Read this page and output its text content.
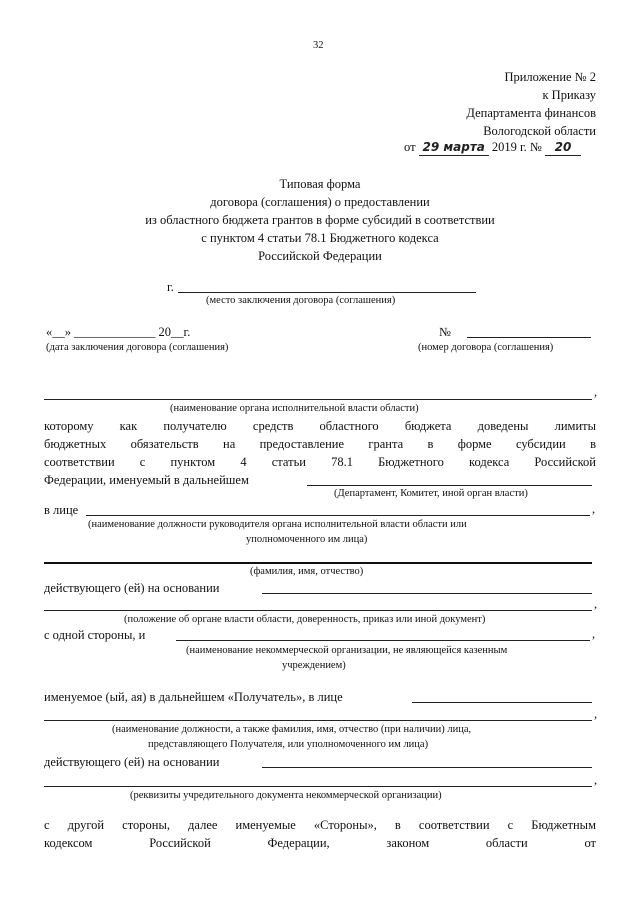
32
Приложение № 2
к Приказу
Департамента финансов
Вологодской области
от 29 марта 2019 г. № 20
Типовая форма
договора (соглашения) о предоставлении
из областного бюджета грантов в форме субсидий в соответствии
с пунктом 4 статьи 78.1 Бюджетного кодекса
Российской Федерации
г.
(место заключения договора (соглашения)
«__» _____________ 20__г.
(дата заключения договора (соглашения)
№
(номер договора (соглашения)
,
(наименование органа исполнительной власти области)
которому как получателю средств областного бюджета доведены лимиты
бюджетных обязательств на предоставление гранта в форме субсидии в
соответствии с пунктом 4 статьи 78.1 Бюджетного кодекса Российской
Федерации, именуемый в дальнейшем
(Департамент, Комитет, иной орган власти)
в лице	,
(наименование должности руководителя органа исполнительной власти области или
уполномоченного им лица)
(фамилия, имя, отчество)
действующего (ей) на основании
,
(положение об органе власти области, доверенность, приказ или иной документ)
с одной стороны, и	,
(наименование некоммерческой организации, не являющейся казенным
учреждением)
именуемое (ый, ая) в дальнейшем «Получатель», в лице
,
(наименование должности, а также фамилия, имя, отчество (при наличии) лица,
представляющего Получателя, или уполномоченного им лица)
действующего (ей) на основании
,
(реквизиты учредительного документа некоммерческой организации)
с другой стороны, далее именуемые «Стороны», в соответствии с Бюджетным
кодексом Российской Федерации, законом области от
